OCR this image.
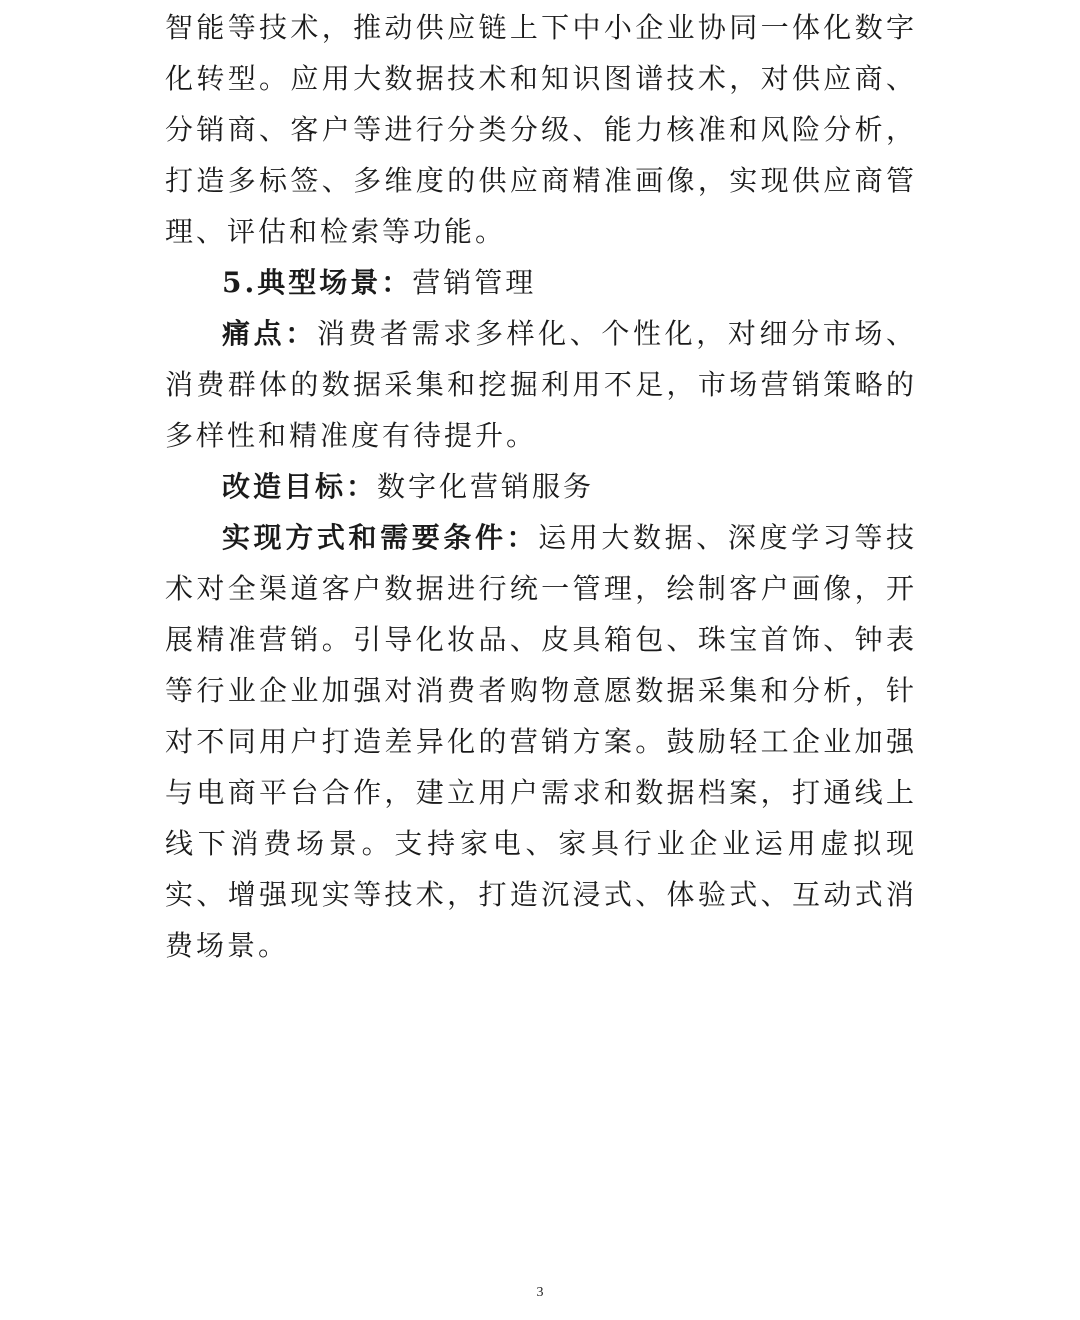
智能等技术，推动供应链上下中小企业协同一体化数字化转型。应用大数据技术和知识图谱技术，对供应商、分销商、客户等进行分类分级、能力核准和风险分析，打造多标签、多维度的供应商精准画像，实现供应商管理、评估和检索等功能。

5.典型场景：营销管理

痛点：消费者需求多样化、个性化，对细分市场、消费群体的数据采集和挖掘利用不足，市场营销策略的多样性和精准度有待提升。

改造目标：数字化营销服务

实现方式和需要条件：运用大数据、深度学习等技术对全渠道客户数据进行统一管理，绘制客户画像，开展精准营销。引导化妆品、皮具箱包、珠宝首饰、钟表等行业企业加强对消费者购物意愿数据采集和分析，针对不同用户打造差异化的营销方案。鼓励轻工企业加强与电商平台合作，建立用户需求和数据档案，打通线上线下消费场景。支持家电、家具行业企业运用虚拟现实、增强现实等技术，打造沉浸式、体验式、互动式消费场景。

3
